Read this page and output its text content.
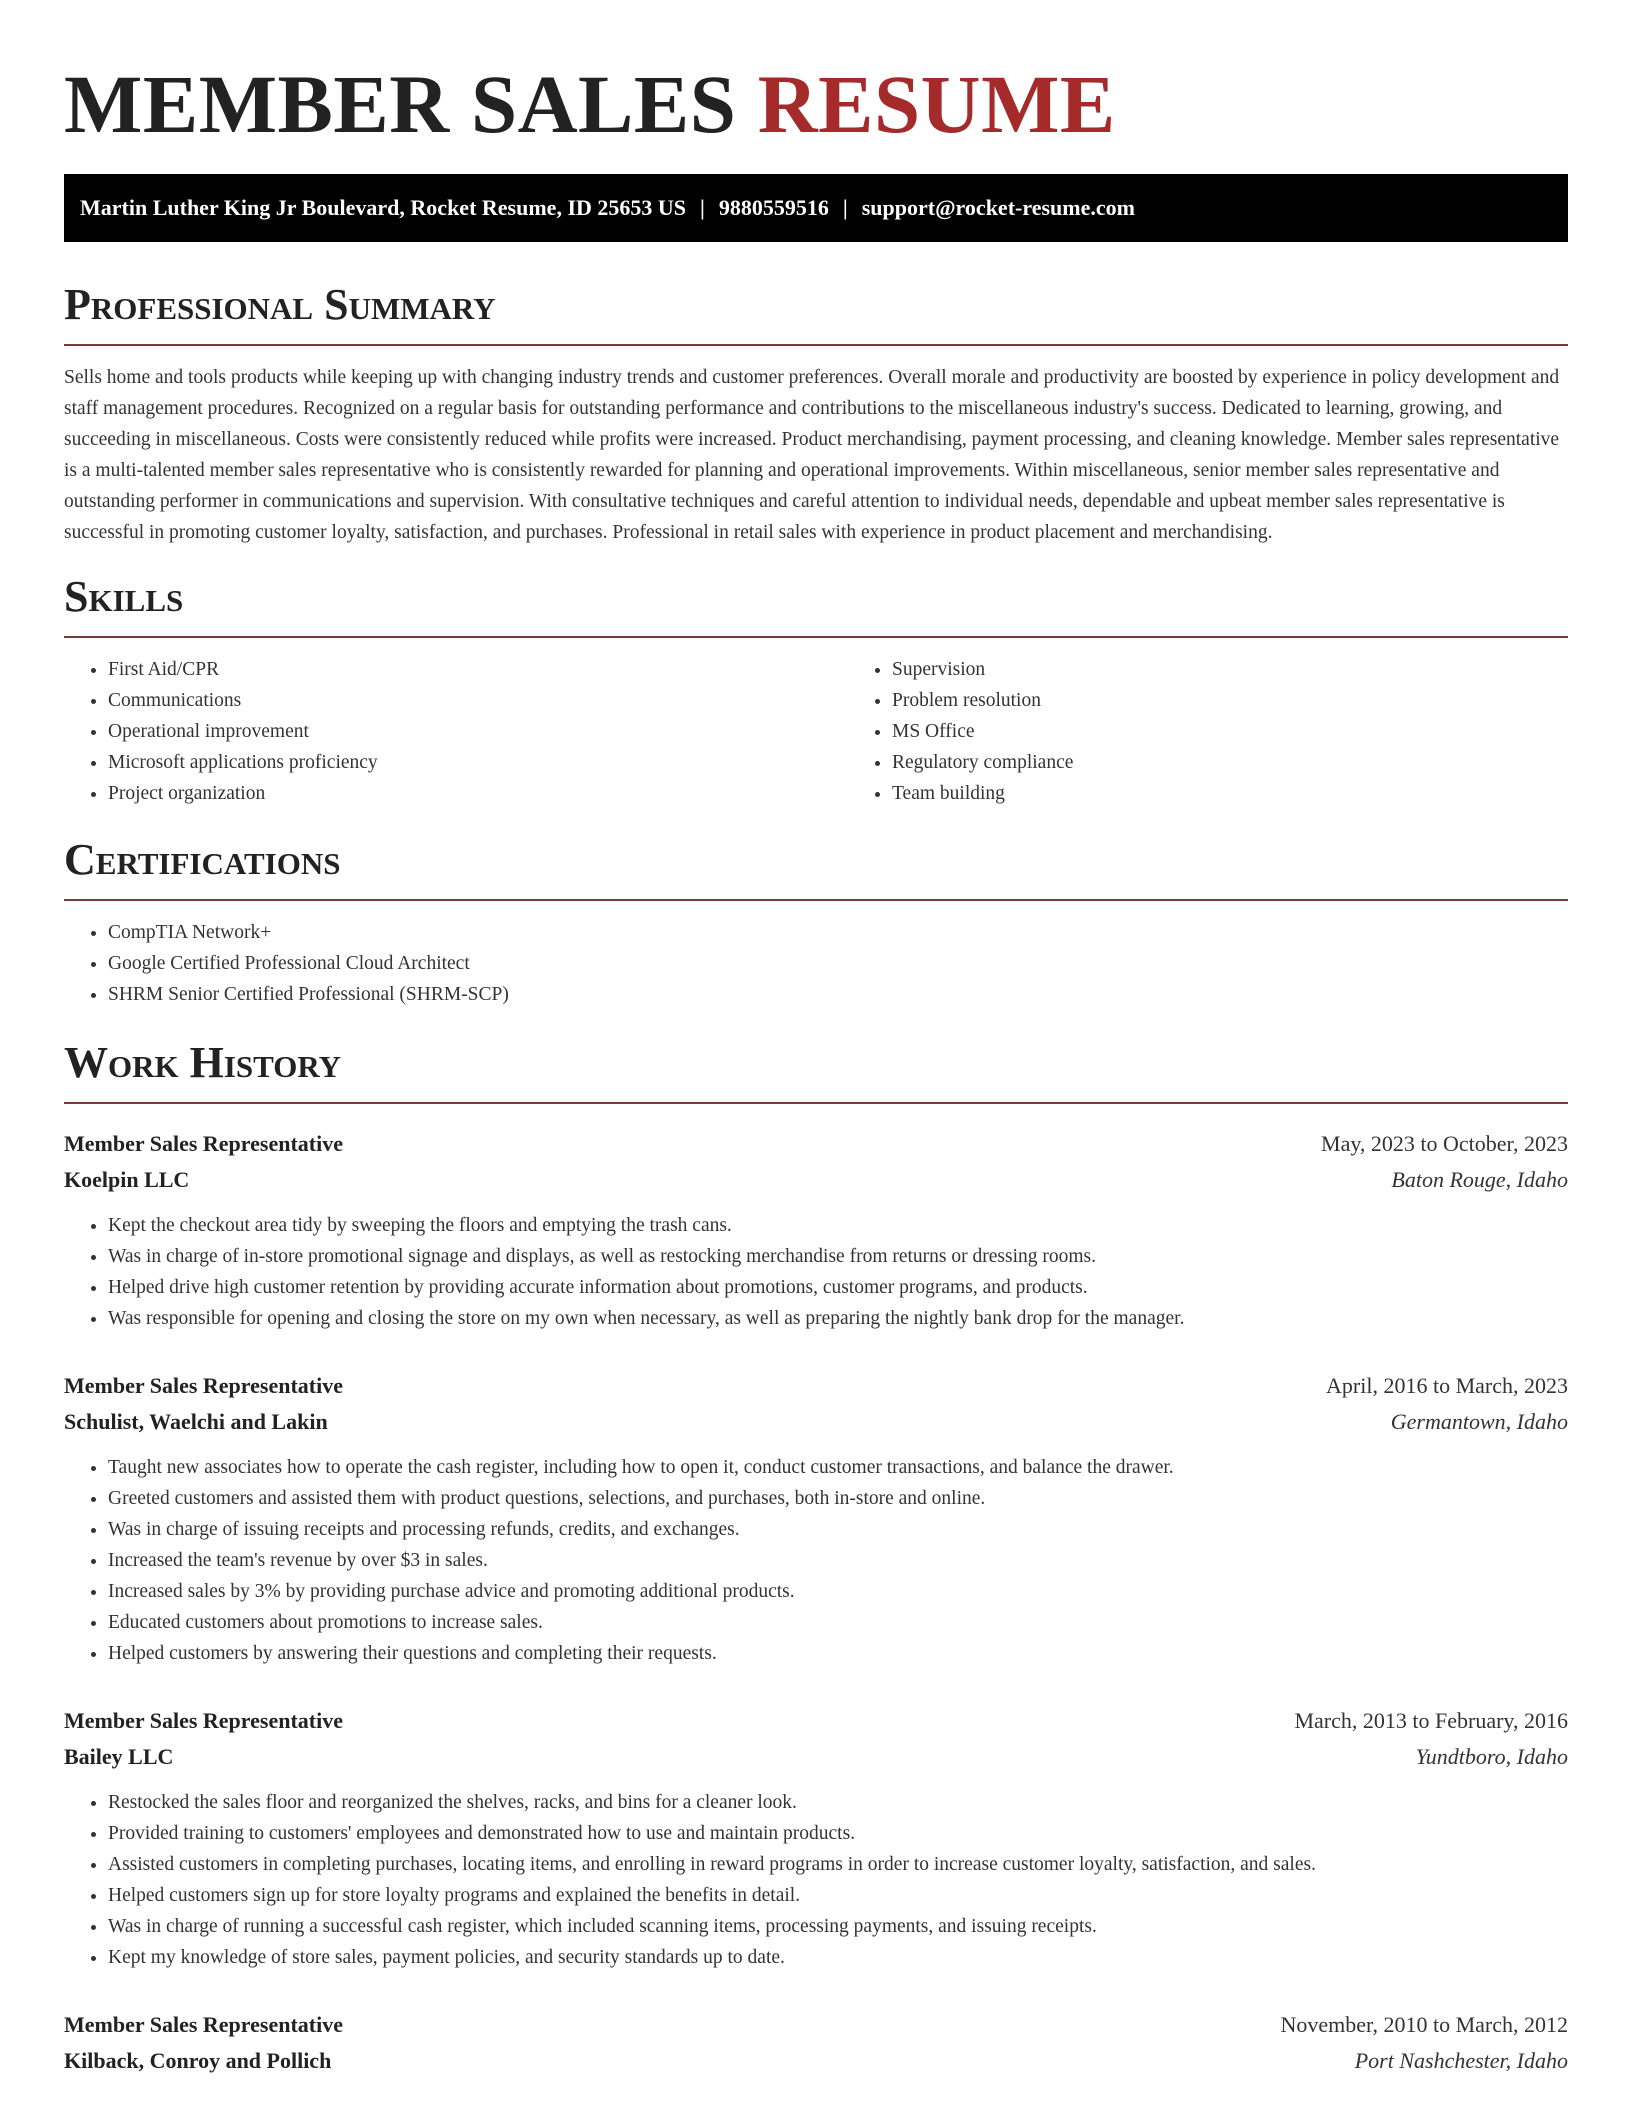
MEMBER SALES RESUME
Martin Luther King Jr Boulevard, Rocket Resume, ID 25653 US | 9880559516 | support@rocket-resume.com
Professional Summary

Sells home and tools products while keeping up with changing industry trends and customer preferences. Overall morale and productivity are boosted by experience in policy development and staff management procedures. Recognized on a regular basis for outstanding performance and contributions to the miscellaneous industry's success. Dedicated to learning, growing, and succeeding in miscellaneous. Costs were consistently reduced while profits were increased. Product merchandising, payment processing, and cleaning knowledge. Member sales representative is a multi-talented member sales representative who is consistently rewarded for planning and operational improvements. Within miscellaneous, senior member sales representative and outstanding performer in communications and supervision. With consultative techniques and careful attention to individual needs, dependable and upbeat member sales representative is successful in promoting customer loyalty, satisfaction, and purchases. Professional in retail sales with experience in product placement and merchandising.

Skills
• First Aid/CPR
• Communications
• Operational improvement
• Microsoft applications proficiency
• Project organization
• Supervision
• Problem resolution
• MS Office
• Regulatory compliance
• Team building
Certifications
• CompTIA Network+
• Google Certified Professional Cloud Architect
• SHRM Senior Certified Professional (SHRM-SCP)
Work History
Member Sales Representative	May, 2023 to October, 2023
Koelpin LLC	Baton Rouge, Idaho
• Kept the checkout area tidy by sweeping the floors and emptying the trash cans.
• Was in charge of in-store promotional signage and displays, as well as restocking merchandise from returns or dressing rooms.
• Helped drive high customer retention by providing accurate information about promotions, customer programs, and products.
• Was responsible for opening and closing the store on my own when necessary, as well as preparing the nightly bank drop for the manager.
Member Sales Representative	April, 2016 to March, 2023
Schulist, Waelchi and Lakin	Germantown, Idaho
• Taught new associates how to operate the cash register, including how to open it, conduct customer transactions, and balance the drawer.
• Greeted customers and assisted them with product questions, selections, and purchases, both in-store and online.
• Was in charge of issuing receipts and processing refunds, credits, and exchanges.
• Increased the team's revenue by over $3 in sales.
• Increased sales by 3% by providing purchase advice and promoting additional products.
• Educated customers about promotions to increase sales.
• Helped customers by answering their questions and completing their requests.
Member Sales Representative	March, 2013 to February, 2016
Bailey LLC	Yundtboro, Idaho
• Restocked the sales floor and reorganized the shelves, racks, and bins for a cleaner look.
• Provided training to customers' employees and demonstrated how to use and maintain products.
• Assisted customers in completing purchases, locating items, and enrolling in reward programs in order to increase customer loyalty, satisfaction, and sales.
• Helped customers sign up for store loyalty programs and explained the benefits in detail.
• Was in charge of running a successful cash register, which included scanning items, processing payments, and issuing receipts.
• Kept my knowledge of store sales, payment policies, and security standards up to date.
Member Sales Representative	November, 2010 to March, 2012
Kilback, Conroy and Pollich	Port Nashchester, Idaho
